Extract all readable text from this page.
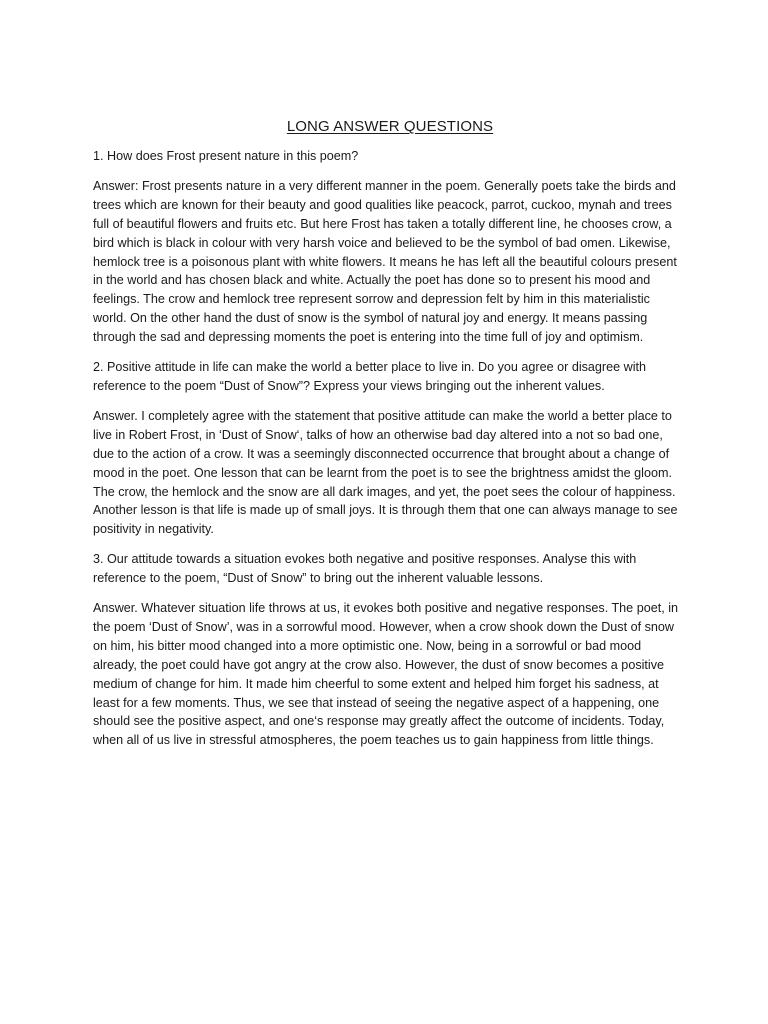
LONG ANSWER QUESTIONS

1. How does Frost present nature in this poem?

Answer: Frost presents nature in a very different manner in the poem. Generally poets take the birds and trees which are known for their beauty and good qualities like peacock, parrot, cuckoo, mynah and trees full of beautiful flowers and fruits etc. But here Frost has taken a totally different line, he chooses crow, a bird which is black in colour with very harsh voice and believed to be the symbol of bad omen. Likewise, hemlock tree is a poisonous plant with white flowers. It means he has left all the beautiful colours present in the world and has chosen black and white. Actually the poet has done so to present his mood and feelings. The crow and hemlock tree represent sorrow and depression felt by him in this materialistic world. On the other hand the dust of snow is the symbol of natural joy and energy. It means passing through the sad and depressing moments the poet is entering into the time full of joy and optimism.

2. Positive attitude in life can make the world a better place to live in. Do you agree or disagree with reference to the poem “Dust of Snow”? Express your views bringing out the inherent values.

Answer. I completely agree with the statement that positive attitude can make the world a better place to live in Robert Frost, in ‘Dust of Snow‘, talks of how an otherwise bad day altered into a not so bad one, due to the action of a crow. It was a seemingly disconnected occurrence that brought about a change of mood in the poet. One lesson that can be learnt from the poet is to see the brightness amidst the gloom. The crow, the hemlock and the snow are all dark images, and yet, the poet sees the colour of happiness. Another lesson is that life is made up of small joys. It is through them that one can always manage to see positivity in negativity.

3. Our attitude towards a situation evokes both negative and positive responses. Analyse this with reference to the poem, “Dust of Snow” to bring out the inherent valuable lessons.

Answer. Whatever situation life throws at us, it evokes both positive and negative responses. The poet, in the poem ‘Dust of Snow’, was in a sorrowful mood. However, when a crow shook down the Dust of snow on him, his bitter mood changed into a more optimistic one. Now, being in a sorrowful or bad mood already, the poet could have got angry at the crow also. However, the dust of snow becomes a positive medium of change for him. It made him cheerful to some extent and helped him forget his sadness, at least for a few moments. Thus, we see that instead of seeing the negative aspect of a happening, one should see the positive aspect, and one‘s response may greatly affect the outcome of incidents. Today, when all of us live in stressful atmospheres, the poem teaches us to gain happiness from little things.
